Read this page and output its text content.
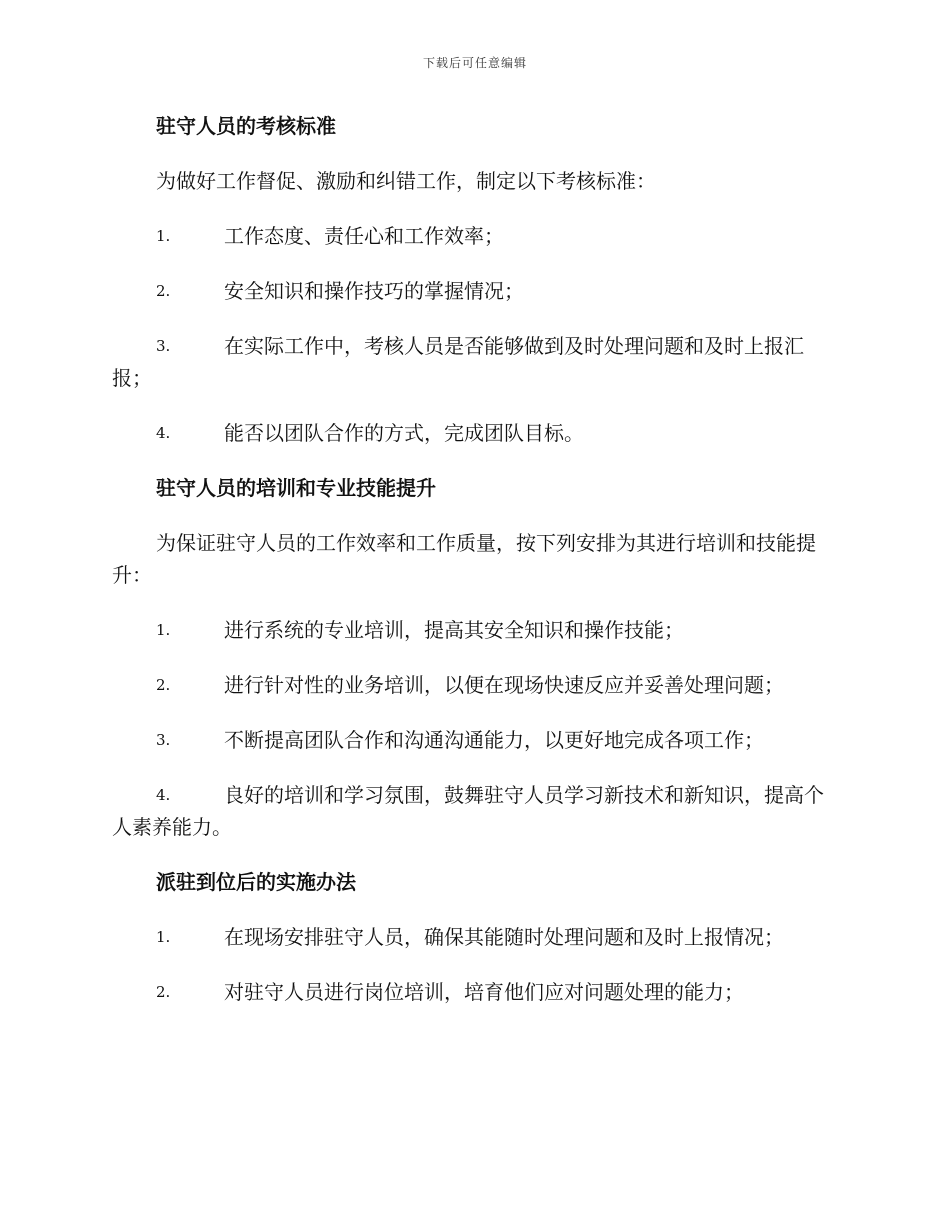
下载后可任意编辑
驻守人员的考核标准
为做好工作督促、激励和纠错工作，制定以下考核标准：
1.	工作态度、责任心和工作效率；
2.	安全知识和操作技巧的掌握情况；
3.	在实际工作中，考核人员是否能够做到及时处理问题和及时上报汇报；
4.	能否以团队合作的方式，完成团队目标。
驻守人员的培训和专业技能提升
为保证驻守人员的工作效率和工作质量，按下列安排为其进行培训和技能提升：
1.	进行系统的专业培训，提高其安全知识和操作技能；
2.	进行针对性的业务培训，以便在现场快速反应并妥善处理问题；
3.	不断提高团队合作和沟通沟通能力，以更好地完成各项工作；
4.	良好的培训和学习氛围，鼓舞驻守人员学习新技术和新知识，提高个人素养能力。
派驻到位后的实施办法
1.	在现场安排驻守人员，确保其能随时处理问题和及时上报情况；
2.	对驻守人员进行岗位培训，培育他们应对问题处理的能力；
